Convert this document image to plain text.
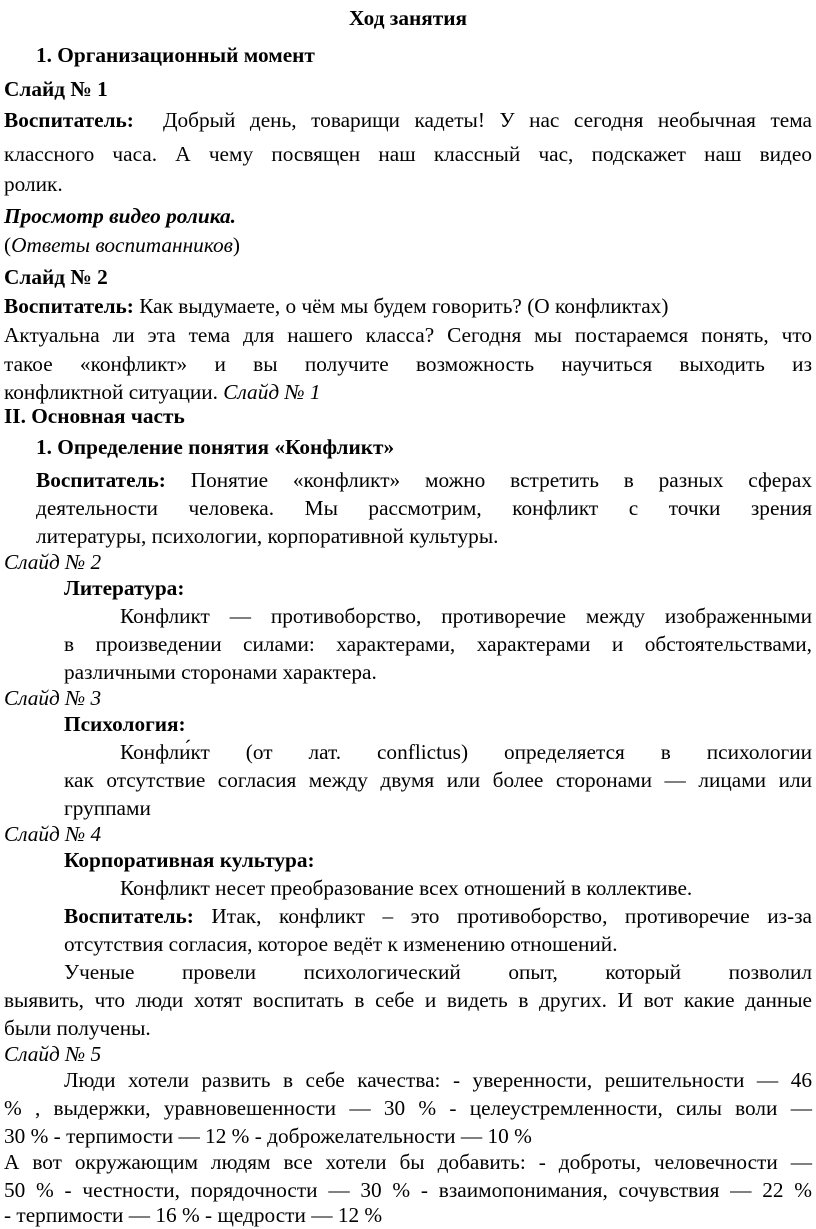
Ход занятия
1. Организационный момент
Слайд № 1
Воспитатель: Добрый день, товарищи кадеты! У нас сегодня необычная тема
классного часа. А чему посвящен наш классный час, подскажет наш видео
ролик.
Просмотр видео ролика.
(Ответы воспитанников)
Слайд № 2
Воспитатель: Как выдумаете, о чём мы будем говорить? (О конфликтах)
Актуальна ли эта тема для нашего класса? Сегодня мы постараемся понять, что
такое «конфликт» и вы получите возможность научиться выходить из
конфликтной ситуации. Слайд № 1
II. Основная часть
1. Определение понятия «Конфликт»
Воспитатель: Понятие «конфликт» можно встретить в разных сферах
деятельности человека. Мы рассмотрим, конфликт с точки зрения
литературы, психологии, корпоративной культуры.
Слайд № 2
Литература:
Конфликт — противоборство, противоречие между изображенными
в произведении силами: характерами, характерами и обстоятельствами,
различными сторонами характера.
Слайд № 3
Психология:
Конфли́кт (от лат. conflictus) определяется в психологии
как отсутствие согласия между двумя или более сторонами — лицами или
группами
Слайд № 4
Корпоративная культура:
Конфликт несет преобразование всех отношений в коллективе.
Воспитатель: Итак, конфликт – это противоборство, противоречие из-за
отсутствия согласия, которое ведёт к изменению отношений.
Ученые провели психологический опыт, который позволил
выявить, что люди хотят воспитать в себе и видеть в других. И вот какие данные
были получены.
Слайд № 5
Люди хотели развить в себе качества: - уверенности, решительности — 46
% , выдержки, уравновешенности — 30 % - целеустремленности, силы воли —
30 % - терпимости — 12 % - доброжелательности — 10 %
А вот окружающим людям все хотели бы добавить: - доброты, человечности —
50 % - честности, порядочности — 30 % - взаимопонимания, сочувствия — 22 %
- терпимости — 16 % - щедрости — 12 %
